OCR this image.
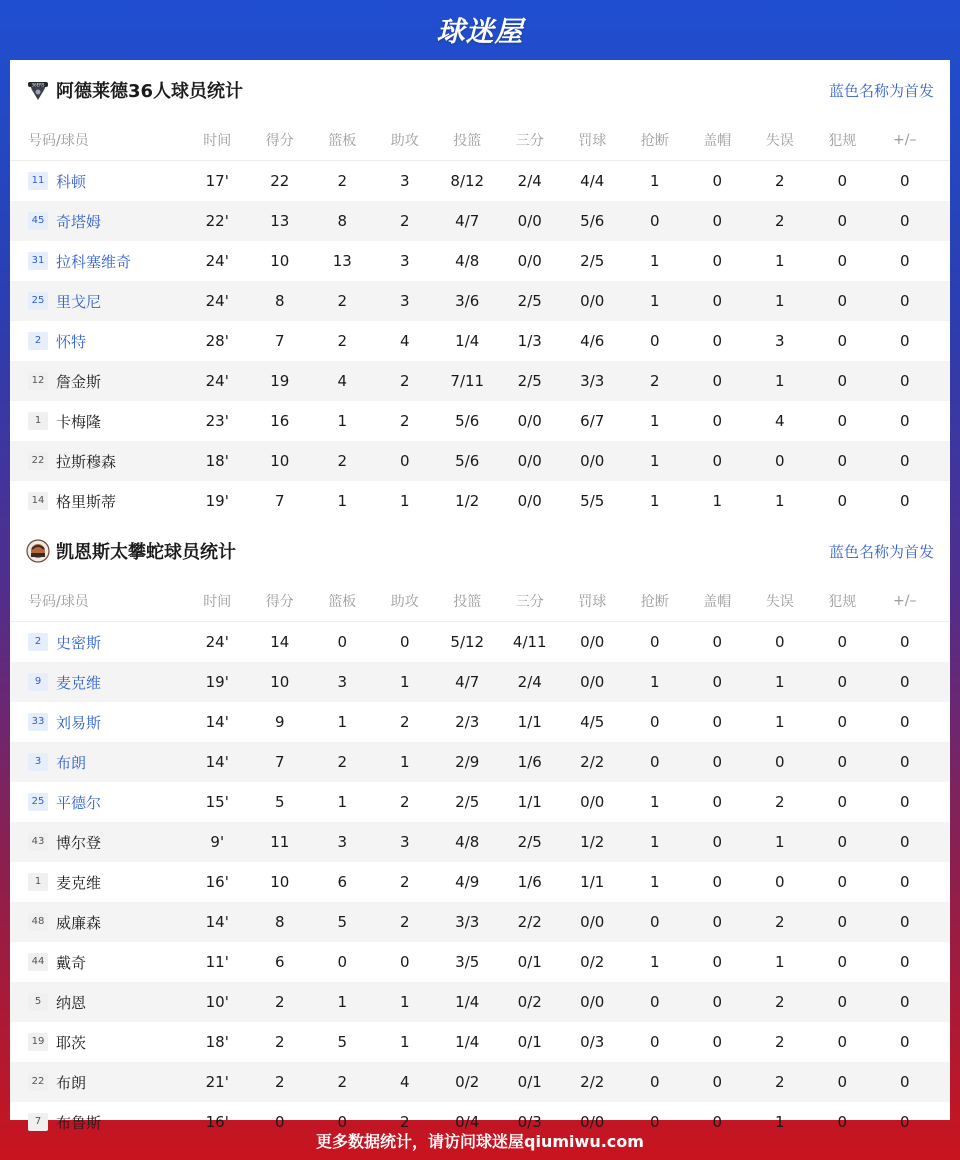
球迷屋
36ERS 阿德莱德36人球员统计	蓝色名称为首发
号码/球员	时间	得分	篮板	助攻	投篮	三分	罚球	抢断	盖帽	失误	犯规	+/–
11 科顿	17'	22	2	3	8/12	2/4	4/4	1	0	2	0	0
45 奇塔姆	22'	13	8	2	4/7	0/0	5/6	0	0	2	0	0
31 拉科塞维奇	24'	10	13	3	4/8	0/0	2/5	1	0	1	0	0
25 里戈尼	24'	8	2	3	3/6	2/5	0/0	1	0	1	0	0
2 怀特	28'	7	2	4	1/4	1/3	4/6	0	0	3	0	0
12 詹金斯	24'	19	4	2	7/11	2/5	3/3	2	0	1	0	0
1 卡梅隆	23'	16	1	2	5/6	0/0	6/7	1	0	4	0	0
22 拉斯穆森	18'	10	2	0	5/6	0/0	0/0	1	0	0	0	0
14 格里斯蒂	19'	7	1	1	1/2	0/0	5/5	1	1	1	0	0
凯恩斯太攀蛇球员统计	蓝色名称为首发
号码/球员	时间	得分	篮板	助攻	投篮	三分	罚球	抢断	盖帽	失误	犯规	+/–
2 史密斯	24'	14	0	0	5/12	4/11	0/0	0	0	0	0	0
9 麦克维	19'	10	3	1	4/7	2/4	0/0	1	0	1	0	0
33 刘易斯	14'	9	1	2	2/3	1/1	4/5	0	0	1	0	0
3 布朗	14'	7	2	1	2/9	1/6	2/2	0	0	0	0	0
25 平德尔	15'	5	1	2	2/5	1/1	0/0	1	0	2	0	0
43 博尔登	9'	11	3	3	4/8	2/5	1/2	1	0	1	0	0
1 麦克维	16'	10	6	2	4/9	1/6	1/1	1	0	0	0	0
48 威廉森	14'	8	5	2	3/3	2/2	0/0	0	0	2	0	0
44 戴奇	11'	6	0	0	3/5	0/1	0/2	1	0	1	0	0
5 纳恩	10'	2	1	1	1/4	0/2	0/0	0	0	2	0	0
19 耶茨	18'	2	5	1	1/4	0/1	0/3	0	0	2	0	0
22 布朗	21'	2	2	4	0/2	0/1	2/2	0	0	2	0	0
7 布鲁斯	16'	0	0	2	0/4	0/3	0/0	0	0	1	0	0
更多数据统计，请访问球迷屋qiumiwu.com
